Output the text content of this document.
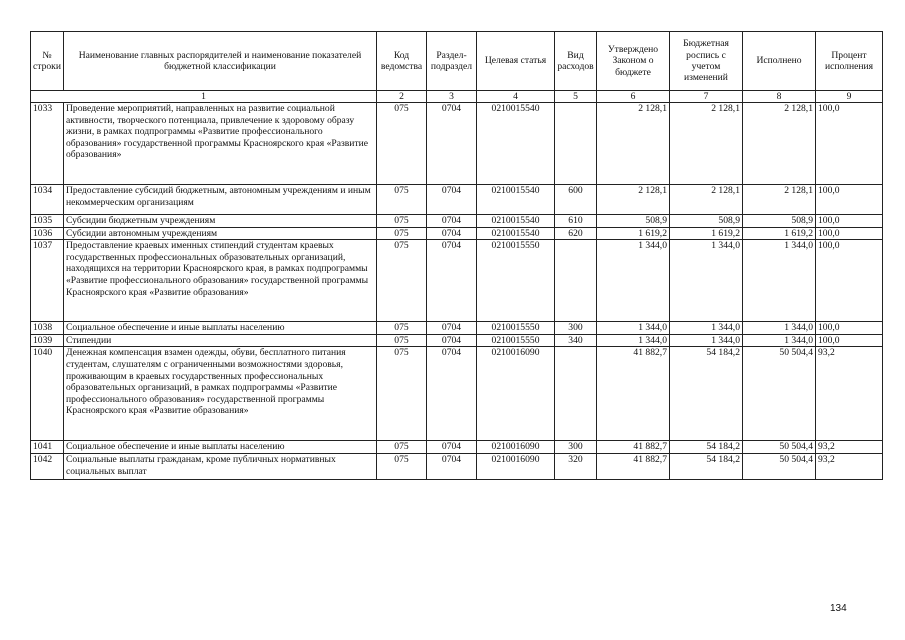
№ строки	Наименование главных распорядителей и наименование показателей бюджетной классификации	Код ведомства	Раздел-подраздел	Целевая статья	Вид расходов	Утверждено Законом о бюджете	Бюджетная роспись с учетом изменений	Исполнено	Процент исполнения
1		2	3	4	5	6	7	8	9
1033	Проведение мероприятий, направленных на развитие социальной активности, творческого потенциала, привлечение к здоровому образу жизни, в рамках подпрограммы «Развитие профессионального образования» государственной программы Красноярского края «Развитие образования»	075	0704	0210015540		2 128,1	2 128,1	2 128,1	100,0
1034	Предоставление субсидий бюджетным, автономным учреждениям и иным некоммерческим организациям	075	0704	0210015540	600	2 128,1	2 128,1	2 128,1	100,0
1035	Субсидии бюджетным учреждениям	075	0704	0210015540	610	508,9	508,9	508,9	100,0
1036	Субсидии автономным учреждениям	075	0704	0210015540	620	1 619,2	1 619,2	1 619,2	100,0
1037	Предоставление краевых именных стипендий студентам краевых государственных профессиональных образовательных организаций, находящихся на территории Красноярского края, в рамках подпрограммы «Развитие профессионального образования» государственной программы Красноярского края «Развитие образования»	075	0704	0210015550		1 344,0	1 344,0	1 344,0	100,0
1038	Социальное обеспечение и иные выплаты населению	075	0704	0210015550	300	1 344,0	1 344,0	1 344,0	100,0
1039	Стипендии	075	0704	0210015550	340	1 344,0	1 344,0	1 344,0	100,0
1040	Денежная компенсация взамен одежды, обуви, бесплатного питания студентам, слушателям с ограниченными возможностями здоровья, проживающим в краевых государственных профессиональных образовательных организаций, в рамках подпрограммы «Развитие профессионального образования» государственной программы Красноярского края «Развитие образования»	075	0704	0210016090		41 882,7	54 184,2	50 504,4	93,2
1041	Социальное обеспечение и иные выплаты населению	075	0704	0210016090	300	41 882,7	54 184,2	50 504,4	93,2
1042	Социальные выплаты гражданам, кроме публичных нормативных социальных выплат	075	0704	0210016090	320	41 882,7	54 184,2	50 504,4	93,2
134
